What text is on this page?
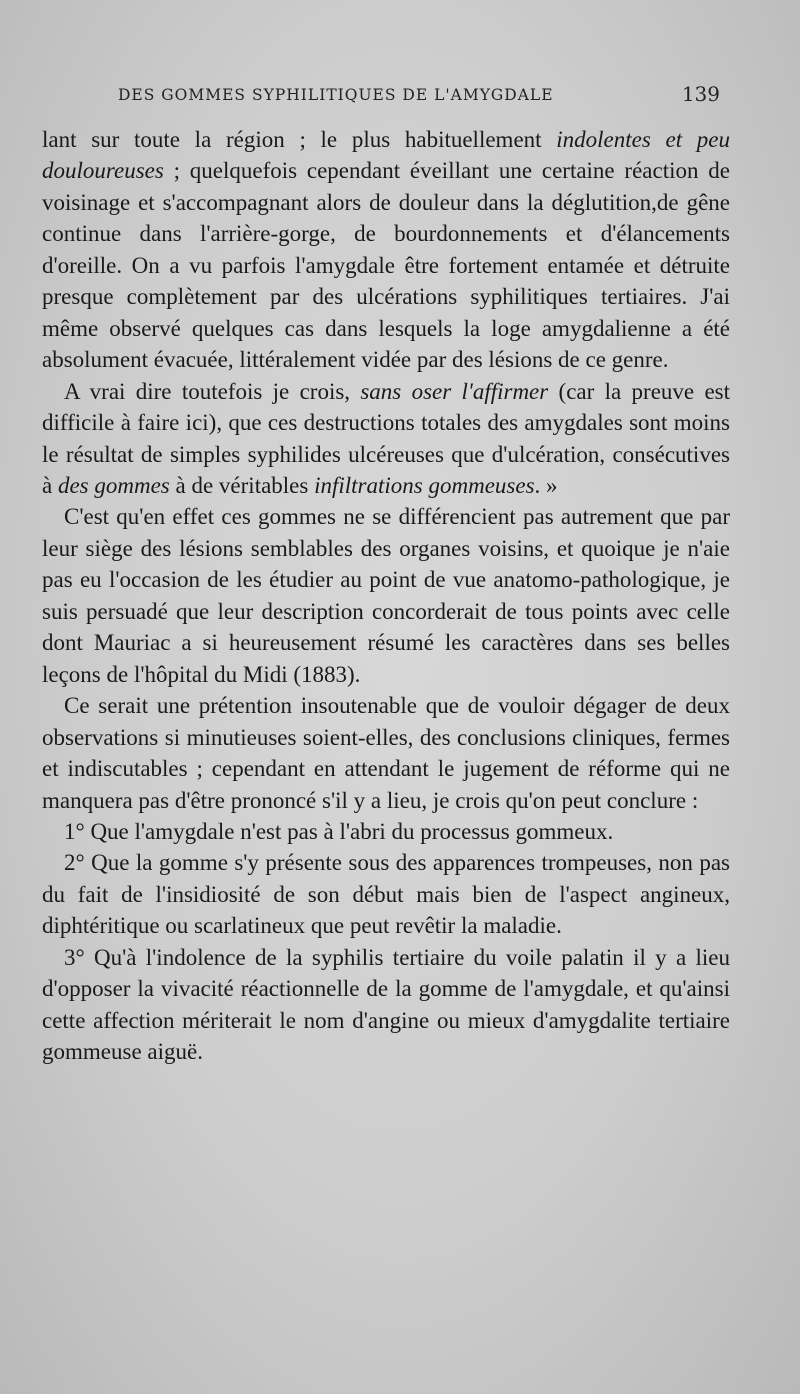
DES GOMMES SYPHILITIQUES DE L'AMYGDALE	139

lant sur toute la région ; le plus habituellement indolentes et peu douloureuses ; quelquefois cependant éveillant une certaine réaction de voisinage et s'accompagnant alors de douleur dans la déglutition,de gêne continue dans l'arrière-gorge, de bourdonnements et d'élancements d'oreille. On a vu parfois l'amygdale être fortement entamée et détruite presque complètement par des ulcérations syphilitiques tertiaires. J'ai même observé quelques cas dans lesquels la loge amygdalienne a été absolument évacuée, littéralement vidée par des lésions de ce genre.

A vrai dire toutefois je crois, sans oser l'affirmer (car la preuve est difficile à faire ici), que ces destructions totales des amygdales sont moins le résultat de simples syphilides ulcéreuses que d'ulcération, consécutives à des gommes à de véritables infiltrations gommeuses. »

C'est qu'en effet ces gommes ne se différencient pas autrement que par leur siège des lésions semblables des organes voisins, et quoique je n'aie pas eu l'occasion de les étudier au point de vue anatomo-pathologique, je suis persuadé que leur description concorderait de tous points avec celle dont Mauriac a si heureusement résumé les caractères dans ses belles leçons de l'hôpital du Midi (1883).

Ce serait une prétention insoutenable que de vouloir dégager de deux observations si minutieuses soient-elles, des conclusions cliniques, fermes et indiscutables ; cependant en attendant le jugement de réforme qui ne manquera pas d'être prononcé s'il y a lieu, je crois qu'on peut conclure :

1° Que l'amygdale n'est pas à l'abri du processus gommeux.

2° Que la gomme s'y présente sous des apparences trompeuses, non pas du fait de l'insidiosité de son début mais bien de l'aspect angineux, diphtéritique ou scarlatineux que peut revêtir la maladie.

3° Qu'à l'indolence de la syphilis tertiaire du voile palatin il y a lieu d'opposer la vivacité réactionnelle de la gomme de l'amygdale, et qu'ainsi cette affection mériterait le nom d'angine ou mieux d'amygdalite tertiaire gommeuse aiguë.
